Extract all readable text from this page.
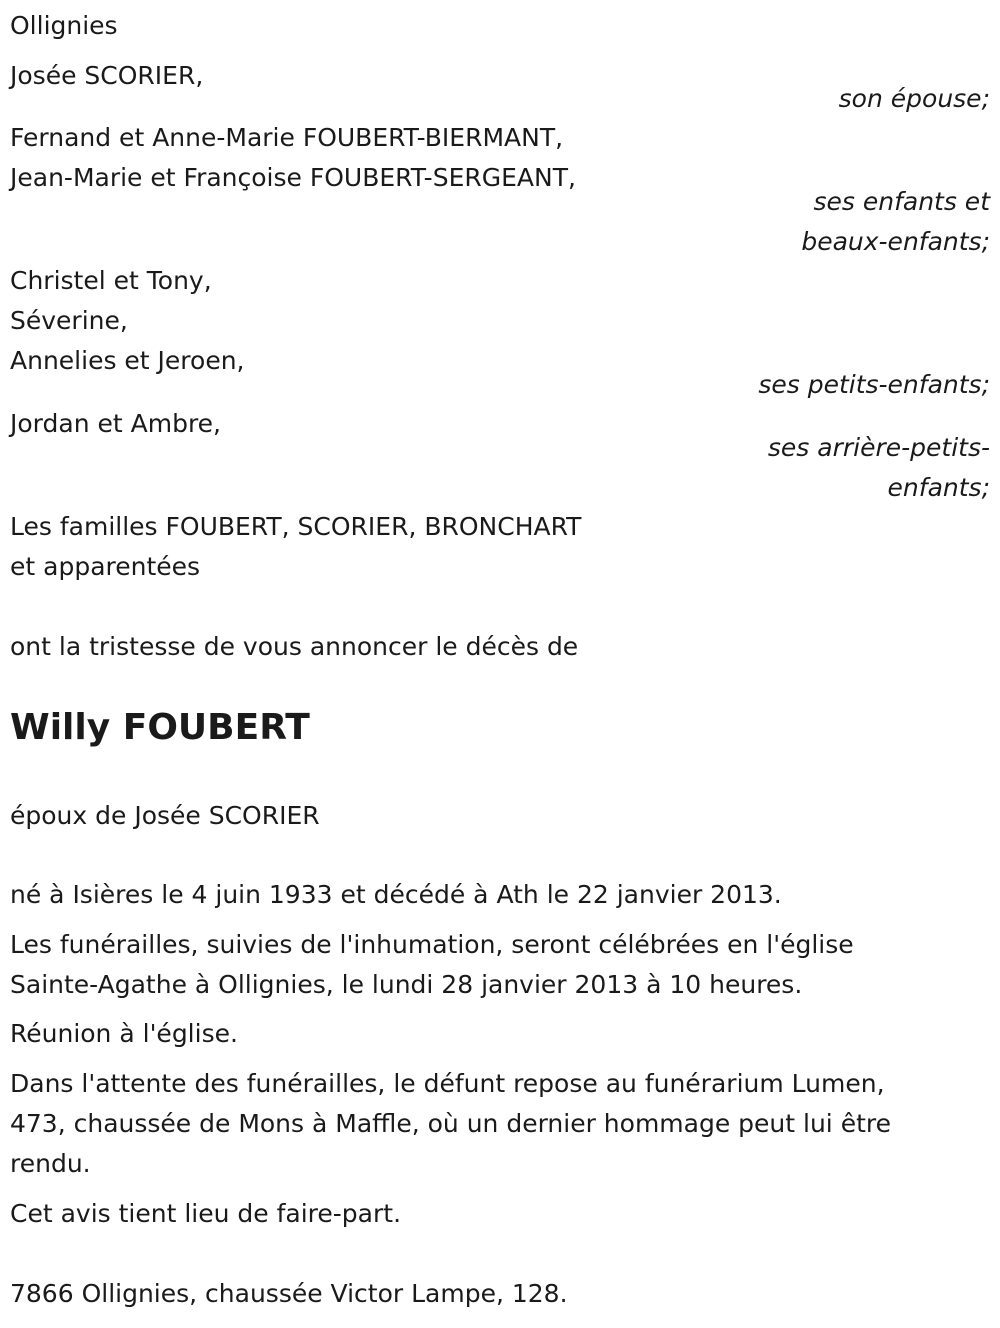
Ollignies
Josée SCORIER,
son épouse;
Fernand et Anne-Marie FOUBERT-BIERMANT,
Jean-Marie et Françoise FOUBERT-SERGEANT,
ses enfants et
beaux-enfants;
Christel et Tony,
Séverine,
Annelies et Jeroen,
ses petits-enfants;
Jordan et Ambre,
ses arrière-petits-
enfants;
Les familles FOUBERT, SCORIER, BRONCHART
et apparentées
ont la tristesse de vous annoncer le décès de
Willy FOUBERT
époux de Josée SCORIER
né à Isières le 4 juin 1933 et décédé à Ath le 22 janvier 2013.
Les funérailles, suivies de l'inhumation, seront célébrées en l'église
Sainte-Agathe à Ollignies, le lundi 28 janvier 2013 à 10 heures.
Réunion à l'église.
Dans l'attente des funérailles, le défunt repose au funérarium Lumen,
473, chaussée de Mons à Maffle, où un dernier hommage peut lui être
rendu.
Cet avis tient lieu de faire-part.
7866 Ollignies, chaussée Victor Lampe, 128.
